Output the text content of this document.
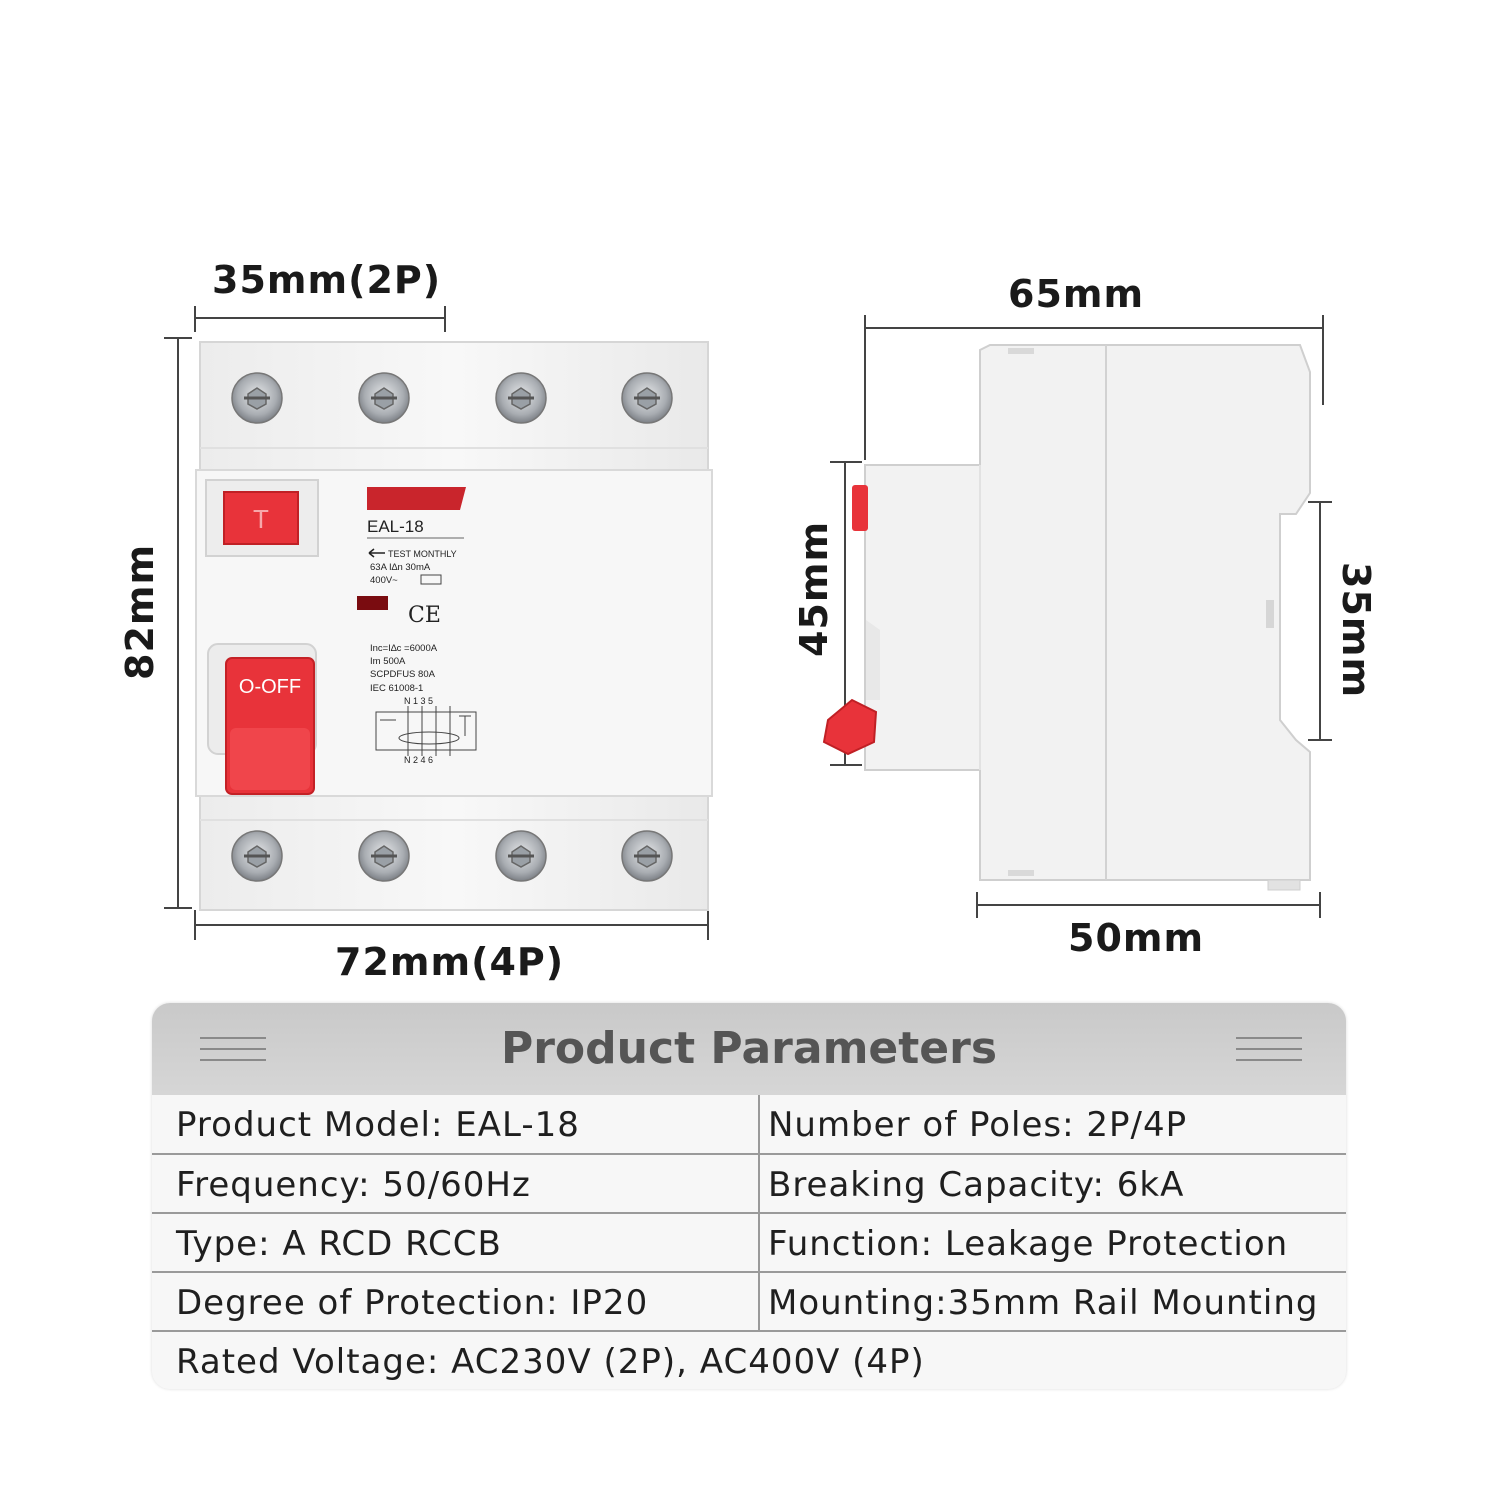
T
O-OFF
EAL-18
TEST MONTHLY
63A I∆n 30mA
400V~
CE
Inc=I∆c =6000A
Im 500A
SCPDFUS 80A
IEC 61008-1
N 1 3 5
N 2 4 6
35mm(2P)
82mm
72mm(4P)
65mm
45mm	35mm
50mm
Product Parameters
Product Model: EAL-18	Number of Poles: 2P/4P
Frequency: 50/60Hz	Breaking Capacity: 6kA
Type: A RCD RCCB	Function: Leakage Protection
Degree of Protection: IP20	Mounting:35mm Rail Mounting
Rated Voltage: AC230V (2P), AC400V (4P)
